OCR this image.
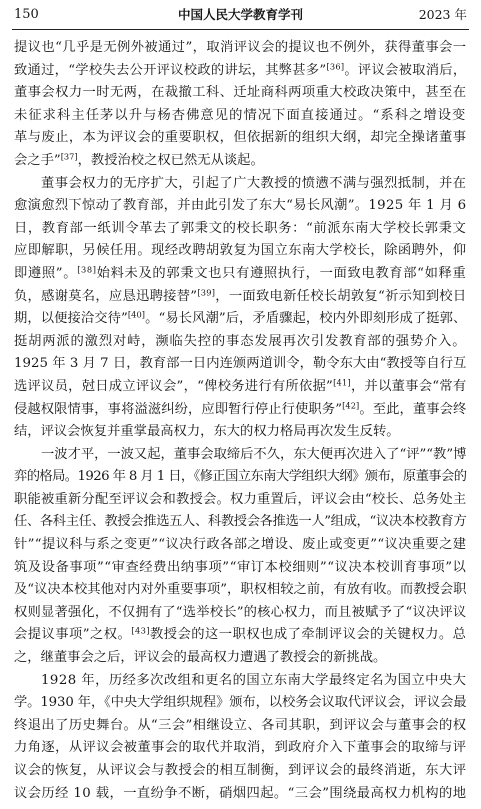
150	中国人民大学教育学刊	2023 年
提议也“几乎是无例外被通过”，取消评议会的提议也不例外，获得董事会一
致通过，“学校失去公开评议校政的讲坛，其弊甚多”[36]。评议会被取消后，
董事会权力一时无两，在裁撤工科、迁址商科两项重大校政决策中，甚至在
未征求科主任茅以升与杨杏佛意见的情况下面直接通过。“系科之增设变
革与废止，本为评议会的重要职权，但依据新的组织大纲，却完全操诸董事
会之手”[37]，教授治校之权已然无从谈起。
董事会权力的无序扩大，引起了广大教授的愤懑不满与强烈抵制，并在
愈演愈烈下惊动了教育部，并由此引发了东大“易长风潮”。1925 年 1 月 6
日，教育部一纸训令革去了郭秉文的校长职务：“前派东南大学校长郭秉文
应即解职，另候任用。现经改聘胡敦复为国立东南大学校长，除函聘外，仰
即遵照”。[38]始料未及的郭秉文也只有遵照执行，一面致电教育部“如释重
负，感谢莫名，应恳迅聘接替”[39]，一面致电新任校长胡敦复“祈示知到校日
期，以便接洽交待”[40]。“易长风潮”后，矛盾骤起，校内外即刻形成了挺郭、
挺胡两派的激烈对峙，濒临失控的事态发展再次引发教育部的强势介入。
1925 年 3 月 7 日，教育部一日内连颁两道训令，勒令东大由“教授等自行互
选评议员，尅日成立评议会”，“俾校务进行有所依据”[41]，并以董事会“常有
侵越权限情事，事将溢滋纠纷，应即暂行停止行使职务”[42]。至此，董事会终
结，评议会恢复并重掌最高权力，东大的权力格局再次发生反转。
一波才平，一波又起，董事会取缔后不久，东大便再次进入了“评”“教”博
弈的格局。1926 年 8 月 1 日，《修正国立东南大学组织大纲》颁布，原董事会的
职能被重新分配至评议会和教授会。权力重置后，评议会由“校长、总务处主
任、各科主任、教授会推选五人、科教授会各推选一人”组成，“议决本校教育方
针”“提议科与系之变更”“议决行政各部之增设、废止或变更”“议决重要之建
筑及设备事项”“审查经费出纳事项”“审订本校细则”“议决本校训育事项”以
及“议决本校其他对内对外重要事项”，职权相较之前，有放有收。而教授会职
权则显著强化，不仅拥有了“选举校长”的核心权力，而且被赋予了“议决评议
会提议事项”之权。[43]教授会的这一职权也成了牵制评议会的关键权力。总
之，继董事会之后，评议会的最高权力遭遇了教授会的新挑战。
1928 年，历经多次改组和更名的国立东南大学最终定名为国立中央大
学。1930 年，《中央大学组织规程》颁布，以校务会议取代评议会，评议会最
终退出了历史舞台。从“三会”相继设立、各司其职，到评议会与董事会的权
力角逐，从评议会被董事会的取代并取消，到政府介入下董事会的取缔与评
议会的恢复，从评议会与教授会的相互制衡，到评议会的最终消逝，东大评
议会历经 10 载，一直纷争不断，硝烟四起。“三会”围绕最高权力机构的地
